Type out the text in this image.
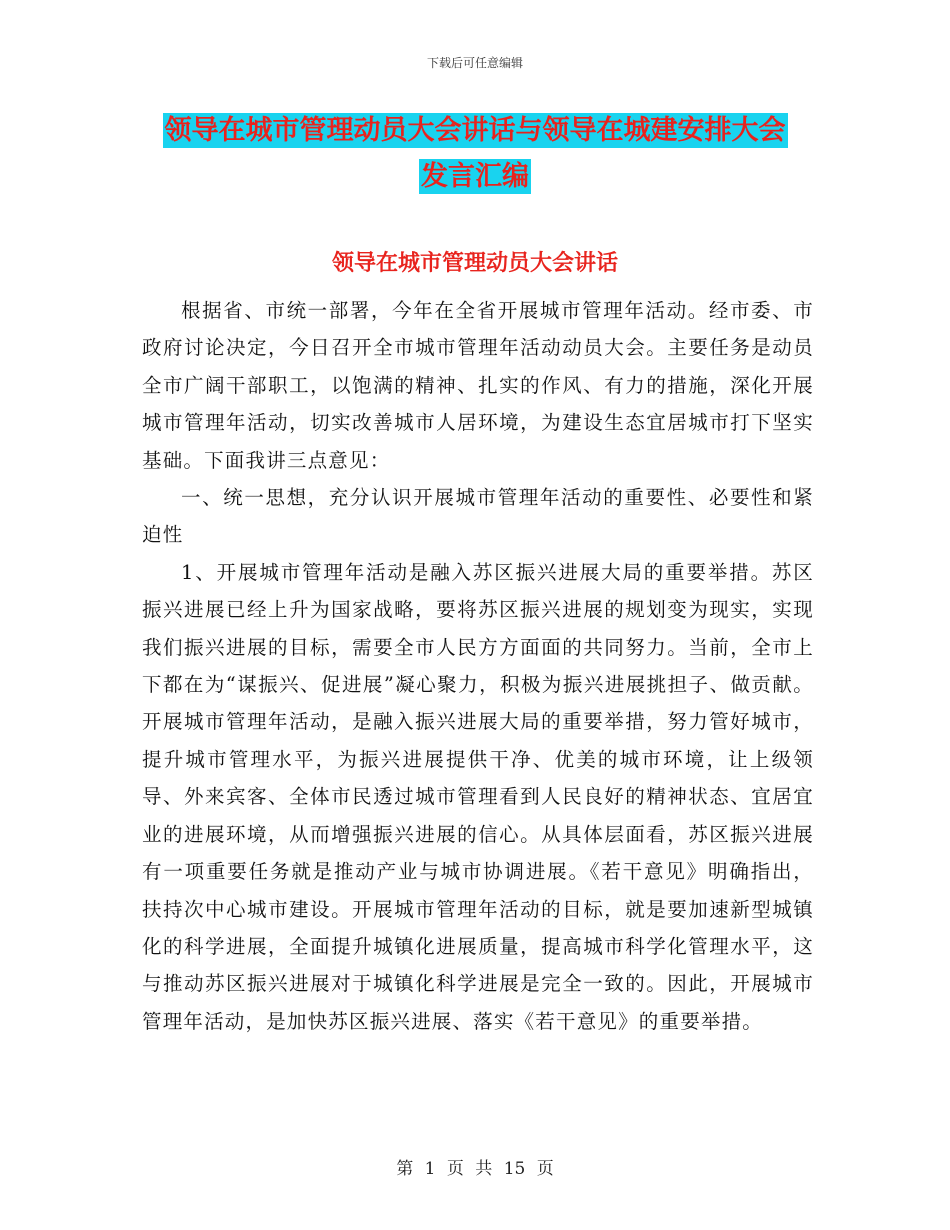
下载后可任意编辑
领导在城市管理动员大会讲话与领导在城建安排大会
发言汇编
领导在城市管理动员大会讲话

根据省、市统一部署，今年在全省开展城市管理年活动。经市委、市政府讨论决定，今日召开全市城市管理年活动动员大会。主要任务是动员全市广阔干部职工，以饱满的精神、扎实的作风、有力的措施，深化开展城市管理年活动，切实改善城市人居环境，为建设生态宜居城市打下坚实基础。下面我讲三点意见：

一、统一思想，充分认识开展城市管理年活动的重要性、必要性和紧迫性

1、开展城市管理年活动是融入苏区振兴进展大局的重要举措。苏区振兴进展已经上升为国家战略，要将苏区振兴进展的规划变为现实，实现我们振兴进展的目标，需要全市人民方方面面的共同努力。当前，全市上下都在为“谋振兴、促进展”凝心聚力，积极为振兴进展挑担子、做贡献。开展城市管理年活动，是融入振兴进展大局的重要举措，努力管好城市，提升城市管理水平，为振兴进展提供干净、优美的城市环境，让上级领导、外来宾客、全体市民透过城市管理看到人民良好的精神状态、宜居宜业的进展环境，从而增强振兴进展的信心。从具体层面看，苏区振兴进展有一项重要任务就是推动产业与城市协调进展。《若干意见》明确指出，扶持次中心城市建设。开展城市管理年活动的目标，就是要加速新型城镇化的科学进展，全面提升城镇化进展质量，提高城市科学化管理水平，这与推动苏区振兴进展对于城镇化科学进展是完全一致的。因此，开展城市管理年活动，是加快苏区振兴进展、落实《若干意见》的重要举措。

第 1 页 共 15 页
